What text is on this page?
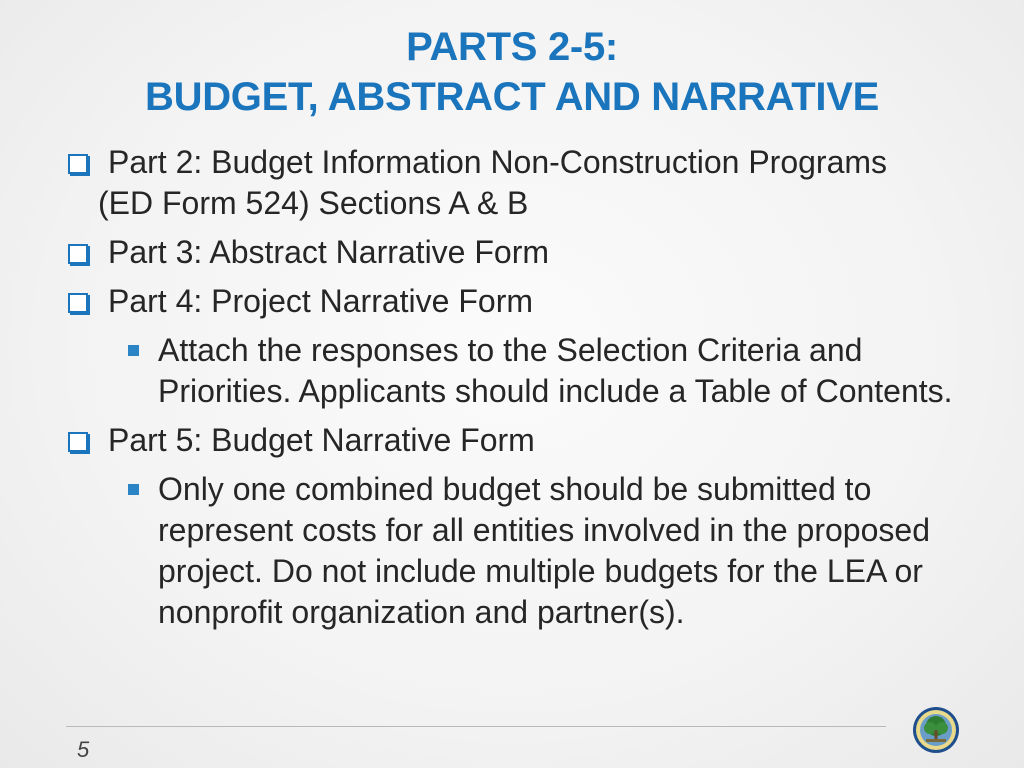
PARTS 2-5:
BUDGET, ABSTRACT AND NARRATIVE
Part 2: Budget Information Non-Construction Programs
(ED Form 524) Sections A & B
Part 3: Abstract Narrative Form
Part 4: Project Narrative Form
Attach the responses to the Selection Criteria and Priorities. Applicants should include a Table of Contents.
Part 5: Budget Narrative Form
Only one combined budget should be submitted to represent costs for all entities involved in the proposed project. Do not include multiple budgets for the LEA or nonprofit organization and partner(s).
5
